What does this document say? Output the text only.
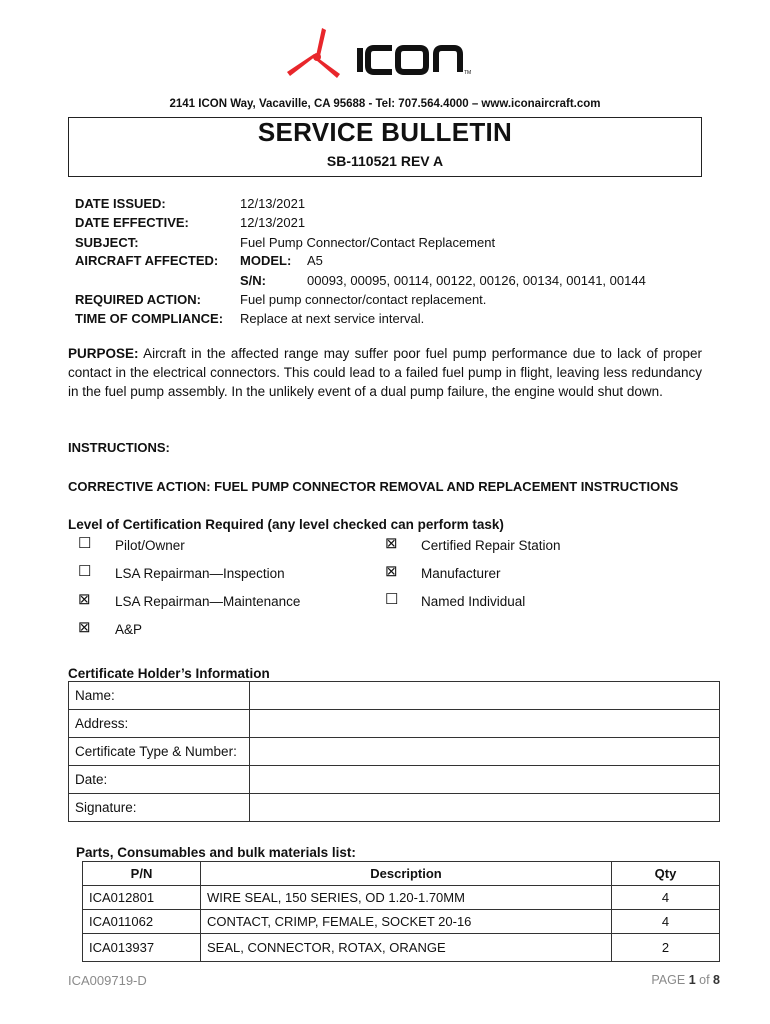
TM
2141 ICON Way, Vacaville, CA 95688 - Tel: 707.564.4000 – www.iconaircraft.com
SERVICE BULLETIN
SB-110521 REV A
DATE ISSUED:	12/13/2021
DATE EFFECTIVE:	12/13/2021
SUBJECT:	Fuel Pump Connector/Contact Replacement
AIRCRAFT AFFECTED: MODEL: A5
S/N:	00093, 00095, 00114, 00122, 00126, 00134, 00141, 00144
REQUIRED ACTION:	Fuel pump connector/contact replacement.
TIME OF COMPLIANCE: Replace at next service interval.
PURPOSE: Aircraft in the affected range may suffer poor fuel pump performance due to lack of proper contact in the electrical connectors. This could lead to a failed fuel pump in flight, leaving less redundancy in the fuel pump assembly. In the unlikely event of a dual pump failure, the engine would shut down.
INSTRUCTIONS:
CORRECTIVE ACTION: FUEL PUMP CONNECTOR REMOVAL AND REPLACEMENT INSTRUCTIONS
Level of Certification Required (any level checked can perform task)
☐ Pilot/Owner	⊠ Certified Repair Station
☐ LSA Repairman—Inspection	⊠ Manufacturer
⊠ LSA Repairman—Maintenance	☐ Named Individual
⊠ A&P
Certificate Holder’s Information
Name:	
Address:	
Certificate Type & Number:	
Date:	
Signature:	
Parts, Consumables and bulk materials list:
P/N	Description	Qty
ICA012801	WIRE SEAL, 150 SERIES, OD 1.20-1.70MM	4
ICA011062	CONTACT, CRIMP, FEMALE, SOCKET 20-16	4
ICA013937	SEAL, CONNECTOR, ROTAX, ORANGE	2
ICA009719-D	PAGE 1 of 8
